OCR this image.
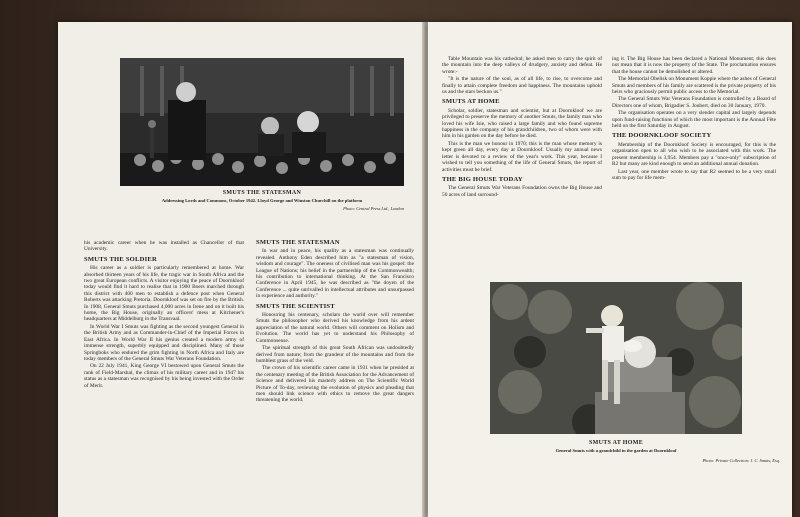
SMUTS THE STATESMAN
Addressing Lords and Commons, October 1942. Lloyd George and Winston Churchill on the platform
Photo: Central Press Ltd., London

his academic career when he was installed as Chancellor of that University.

SMUTS THE SOLDIER

His career as a soldier is particularly remembered at home. War absorbed thirteen years of his life, the tragic war in South Africa and the two great European conflicts. A visitor enjoying the peace of Doornkloof today would find it hard to realise that in 1900 Boers marched through this district with 400 men to establish a defence post when General Roberts was attacking Pretoria. Doornkloof was set on fire by the British. In 1908, General Smuts purchased 4,000 acres in Irene and on it built his home, the Big House, originally an officers' mess at Kitchener's headquarters at Middelburg in the Transvaal.

In World War I Smuts was fighting as the second youngest General in the British Army and as Commander-in-Chief of the Imperial Forces in East Africa. In World War II his genius created a modern army of immense strength, superbly equipped and disciplined. Many of those Springboks who endured the grim fighting in North Africa and Italy are today members of the General Smuts War Veterans Foundation.

On 22 July 1941, King George VI bestowed upon General Smuts the rank of Field-Marshal, the climax of his military career and in 1947 his status as a statesman was recognised by his being invested with the Order of Merit.

SMUTS THE STATESMAN

In war and in peace, his quality as a statesman was continually revealed. Anthony Eden described him as "a statesman of vision, wisdom and courage". The oneness of civilised man was his gospel: the League of Nations; his belief in the partnership of the Commonwealth; his contribution to international thinking. At the San Francisco Conference in April 1945, he was described as "the doyen of the Conference ... quite unrivalled in intellectual attributes and unsurpassed in experience and authority."

SMUTS THE SCIENTIST

Honouring his centenary, scholars the world over will remember Smuts the philosopher who derived his knowledge from his ardent appreciation of the natural world. Others will comment on Holism and Evolution. The world has yet to understand his Philosophy of Commonsense.

The spiritual strength of this great South African was undoubtedly derived from nature; from the grandeur of the mountains and from the humblest grass of the veld.

The crown of his scientific career came in 1931 when he presided at the centenary meeting of the British Association for the Advancement of Science and delivered his masterly address on The Scientific World Picture of To-day, reviewing the evolution of physics and pleading that men should link science with ethics to remove the great dangers threatening the world.

Table Mountain was his cathedral; he asked men to carry the spirit of the mountain into the deep valleys of drudgery, anxiety and defeat. He wrote:-

"It is the nature of the soul, as of all life, to rise, to overcome and finally to attain complete freedom and happiness. The mountains uphold us and the stars beckon us."

SMUTS AT HOME

Scholar, soldier, statesman and scientist, but at Doornkloof we are privileged to preserve the memory of another Smuts, the family man who loved his wife Isie, who raised a large family and who found supreme happiness in the company of his grandchildren, two of whom were with him in his garden on the day before he died.

This is the man we honour in 1970; this is the man whose memory is kept green all day, every day at Doornkloof. Usually my annual news letter is devoted to a review of the year's work. This year, because I wished to tell you something of the life of General Smuts, the report of activities must be brief.

THE BIG HOUSE TODAY

The General Smuts War Veterans Foundation owns the Big House and 50 acres of land surround-

ing it. The Big House has been declared a National Monument; this does not mean that it is now the property of the State. The proclamation ensures that the house cannot be demolished or altered.

The Memorial Obelisk on Monument Koppie where the ashes of General Smuts and members of his family are scattered is the private property of his heirs who graciously permit public access to the Memorial.

The General Smuts War Veterans Foundation is controlled by a Board of Directors one of whom, Brigadier S. Joubert, died on 30 January, 1970.

The organisation operates on a very slender capital and largely depends upon fund-raising functions of which the most important is the Annual Fête held on the first Saturday in August.

THE DOORNKLOOF SOCIETY

Membership of the Doornkloof Society is encouraged, for this is the organisation open to all who wish to be associated with this work. The present membership is 3,954. Members pay a "once-only" subscription of R2 but many are kind enough to send an additional annual donation.

Last year, one member wrote to say that R2 seemed to be a very small sum to pay for life mem-

SMUTS AT HOME
General Smuts with a grandchild in the garden at Doornkloof
Photo: Private Collection: J. C. Smuts, Esq.
